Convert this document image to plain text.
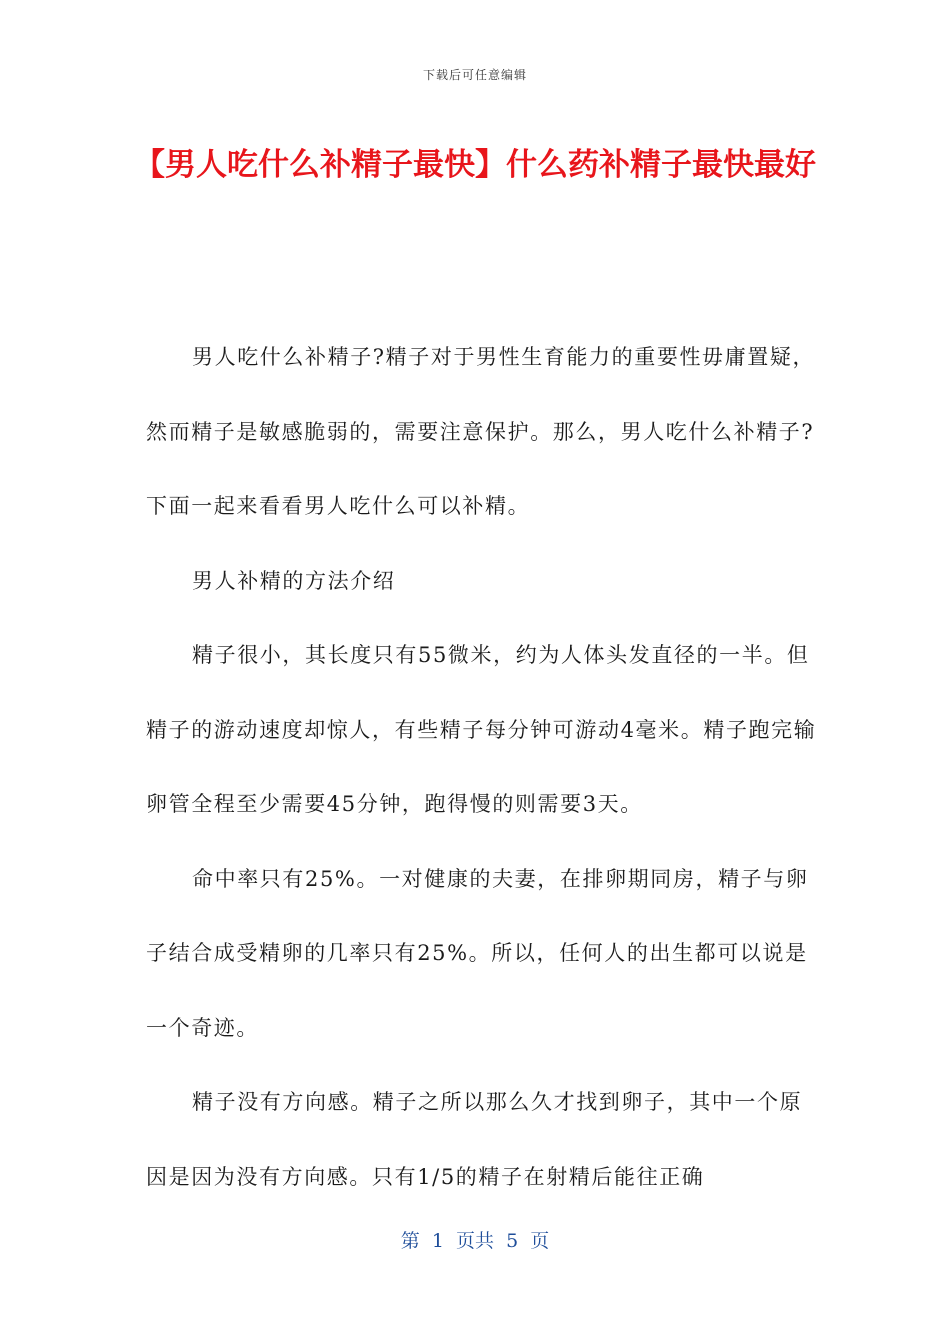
下载后可任意编辑
【男人吃什么补精子最快】什么药补精子最快最好

男人吃什么补精子?精子对于男性生育能力的重要性毋庸置疑，然而精子是敏感脆弱的，需要注意保护。那么，男人吃什么补精子?下面一起来看看男人吃什么可以补精。

男人补精的方法介绍

精子很小，其长度只有55微米，约为人体头发直径的一半。但精子的游动速度却惊人，有些精子每分钟可游动4毫米。精子跑完输卵管全程至少需要45分钟，跑得慢的则需要3天。

命中率只有25%。一对健康的夫妻，在排卵期同房，精子与卵子结合成受精卵的几率只有25%。所以，任何人的出生都可以说是一个奇迹。

精子没有方向感。精子之所以那么久才找到卵子，其中一个原因是因为没有方向感。只有1/5的精子在射精后能往正确

第  1  页共  5  页
